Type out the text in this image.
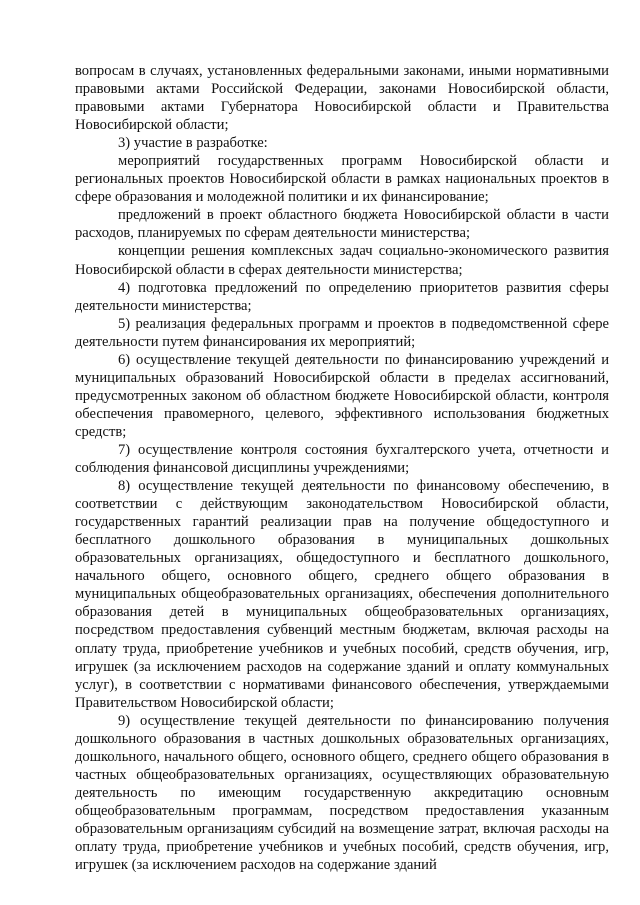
вопросам в случаях, установленных федеральными законами, иными нормативными правовыми актами Российской Федерации, законами Новосибирской области, правовыми актами Губернатора Новосибирской области и Правительства Новосибирской области;

3) участие в разработке:

мероприятий государственных программ Новосибирской области и региональных проектов Новосибирской области в рамках национальных проектов в сфере образования и молодежной политики и их финансирование;

предложений в проект областного бюджета Новосибирской области в части расходов, планируемых по сферам деятельности министерства;

концепции решения комплексных задач социально-экономического развития Новосибирской области в сферах деятельности министерства;

4) подготовка предложений по определению приоритетов развития сферы деятельности министерства;

5) реализация федеральных программ и проектов в подведомственной сфере деятельности путем финансирования их мероприятий;

6) осуществление текущей деятельности по финансированию учреждений и муниципальных образований Новосибирской области в пределах ассигнований, предусмотренных законом об областном бюджете Новосибирской области, контроля обеспечения правомерного, целевого, эффективного использования бюджетных средств;

7) осуществление контроля состояния бухгалтерского учета, отчетности и соблюдения финансовой дисциплины учреждениями;

8) осуществление текущей деятельности по финансовому обеспечению, в соответствии с действующим законодательством Новосибирской области, государственных гарантий реализации прав на получение общедоступного и бесплатного дошкольного образования в муниципальных дошкольных образовательных организациях, общедоступного и бесплатного дошкольного, начального общего, основного общего, среднего общего образования в муниципальных общеобразовательных организациях, обеспечения дополнительного образования детей в муниципальных общеобразовательных организациях, посредством предоставления субвенций местным бюджетам, включая расходы на оплату труда, приобретение учебников и учебных пособий, средств обучения, игр, игрушек (за исключением расходов на содержание зданий и оплату коммунальных услуг), в соответствии с нормативами финансового обеспечения, утверждаемыми Правительством Новосибирской области;

9) осуществление текущей деятельности по финансированию получения дошкольного образования в частных дошкольных образовательных организациях, дошкольного, начального общего, основного общего, среднего общего образования в частных общеобразовательных организациях, осуществляющих образовательную деятельность по имеющим государственную аккредитацию основным общеобразовательным программам, посредством предоставления указанным образовательным организациям субсидий на возмещение затрат, включая расходы на оплату труда, приобретение учебников и учебных пособий, средств обучения, игр, игрушек (за исключением расходов на содержание зданий
